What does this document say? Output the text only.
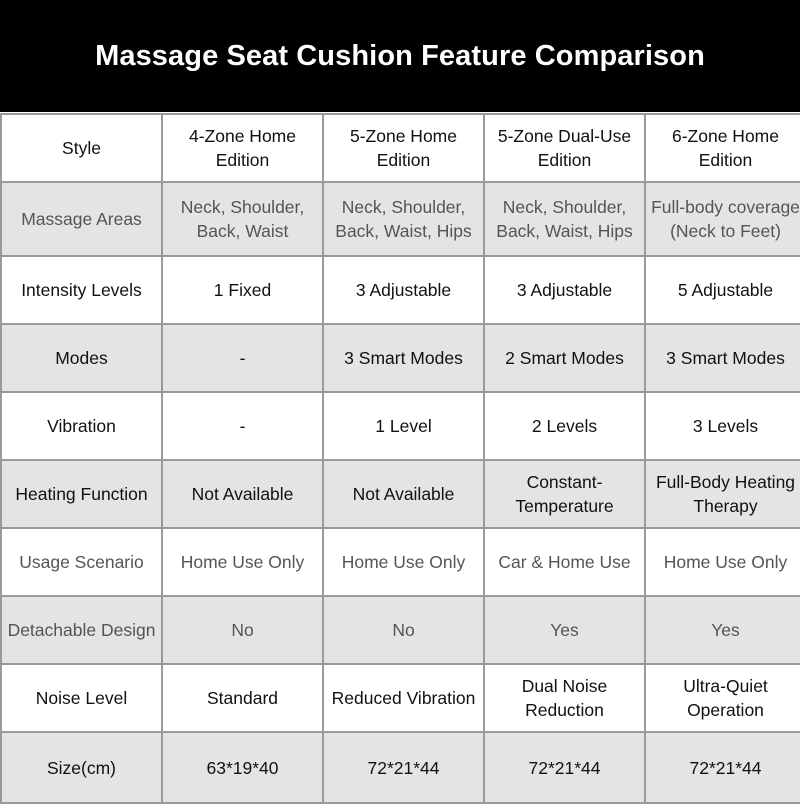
Massage Seat Cushion Feature Comparison
Style	4-Zone Home Edition	5-Zone Home Edition	5-Zone Dual-Use Edition	6-Zone Home Edition
Massage Areas	Neck, Shoulder, Back, Waist	Neck, Shoulder, Back, Waist, Hips	Neck, Shoulder, Back, Waist, Hips	Full-body coverage (Neck to Feet)
Intensity Levels	1 Fixed	3 Adjustable	3 Adjustable	5 Adjustable
Modes	-	3 Smart Modes	2 Smart Modes	3 Smart Modes
Vibration	-	1 Level	2 Levels	3 Levels
Heating Function	Not Available	Not Available	Constant-Temperature	Full-Body Heating Therapy
Usage Scenario	Home Use Only	Home Use Only	Car & Home Use	Home Use Only
Detachable Design	No	No	Yes	Yes
Noise Level	Standard	Reduced Vibration	Dual Noise Reduction	Ultra-Quiet Operation
Size(cm)	63*19*40	72*21*44	72*21*44	72*21*44
